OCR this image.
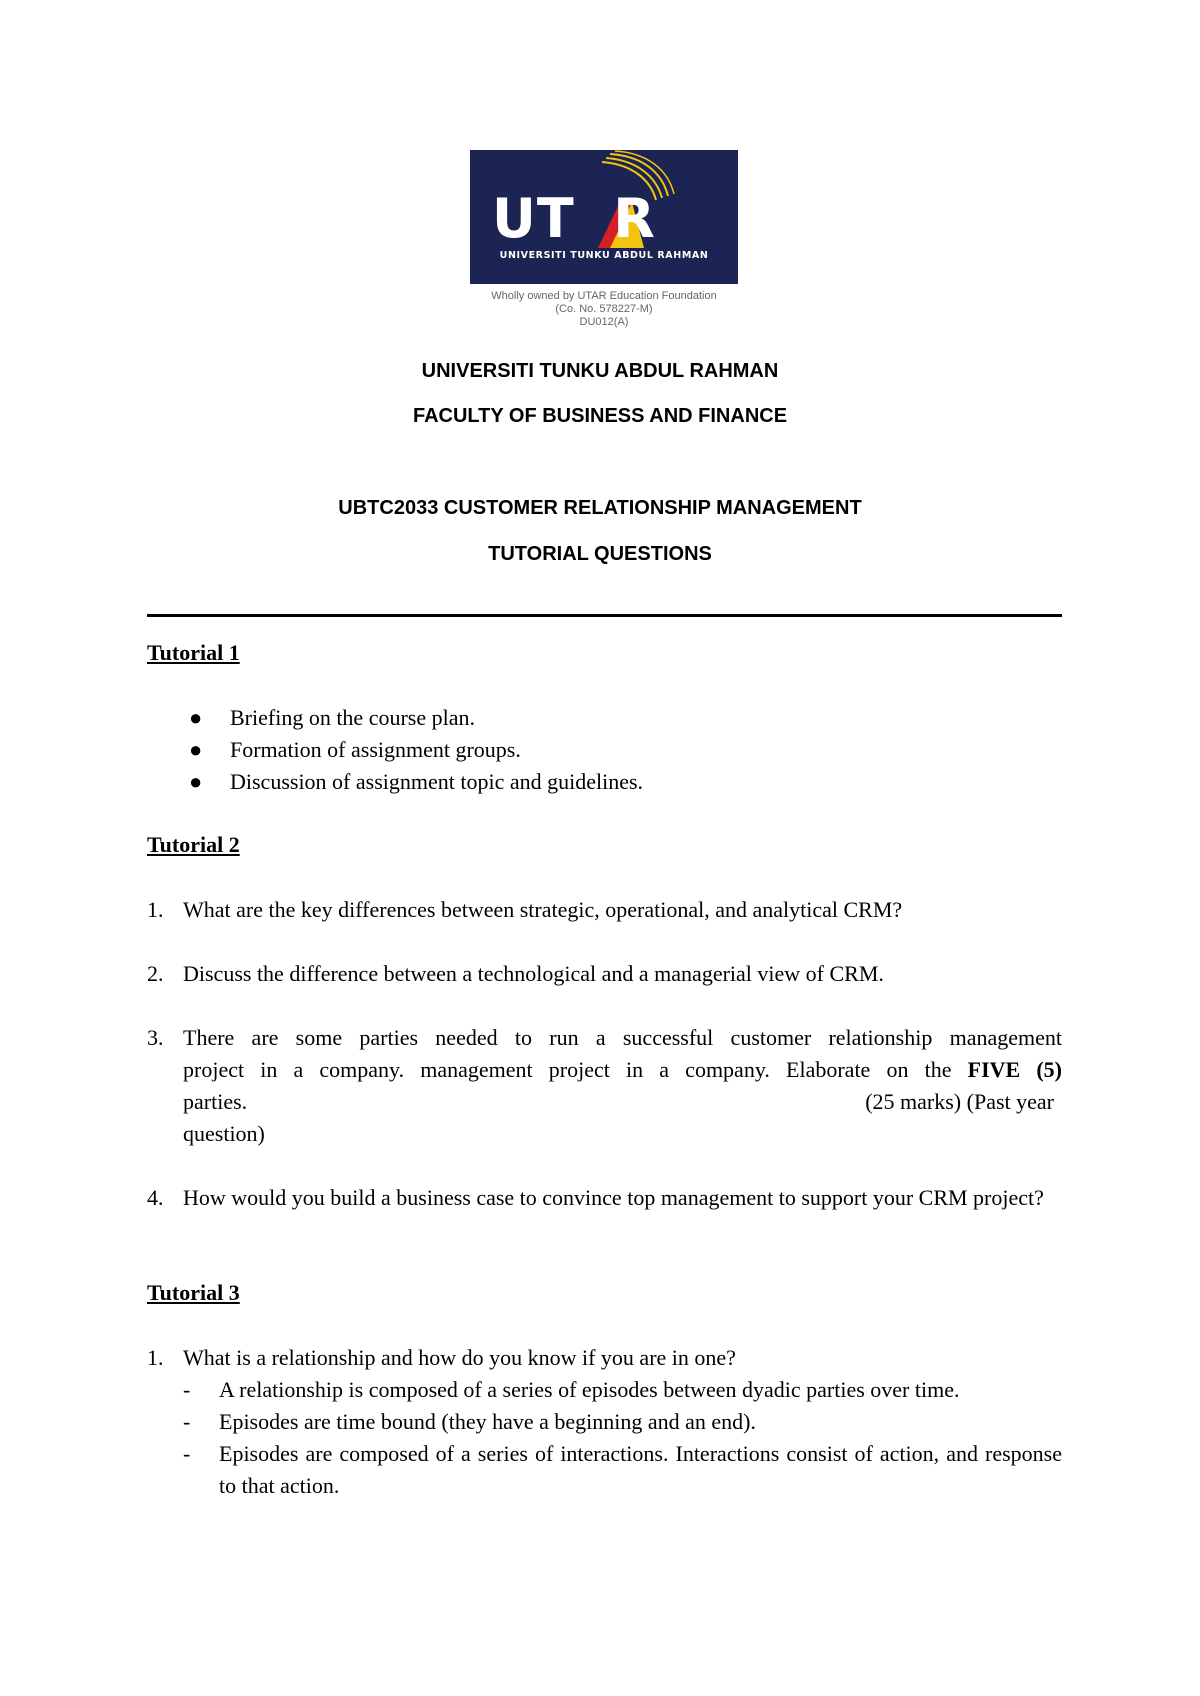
UT R
UNIVERSITI TUNKU ABDUL RAHMAN
Wholly owned by UTAR Education Foundation
(Co. No. 578227-M)
DU012(A)
UNIVERSITI TUNKU ABDUL RAHMAN
FACULTY OF BUSINESS AND FINANCE
UBTC2033 CUSTOMER RELATIONSHIP MANAGEMENT
TUTORIAL QUESTIONS
Tutorial 1
● Briefing on the course plan.
● Formation of assignment groups.
● Discussion of assignment topic and guidelines.
Tutorial 2
1. What are the key differences between strategic, operational, and analytical CRM?
2. Discuss the difference between a technological and a managerial view of CRM.
3. There are some parties needed to run a successful customer relationship management
project in a company. management project in a company. Elaborate on the FIVE (5)
parties.	(25 marks) (Past year
question)
4. How would you build a business case to convince top management to support your CRM project?
Tutorial 3
1. What is a relationship and how do you know if you are in one?
- A relationship is composed of a series of episodes between dyadic parties over time.
- Episodes are time bound (they have a beginning and an end).
- Episodes are composed of a series of interactions. Interactions consist of action, and response to that action.
